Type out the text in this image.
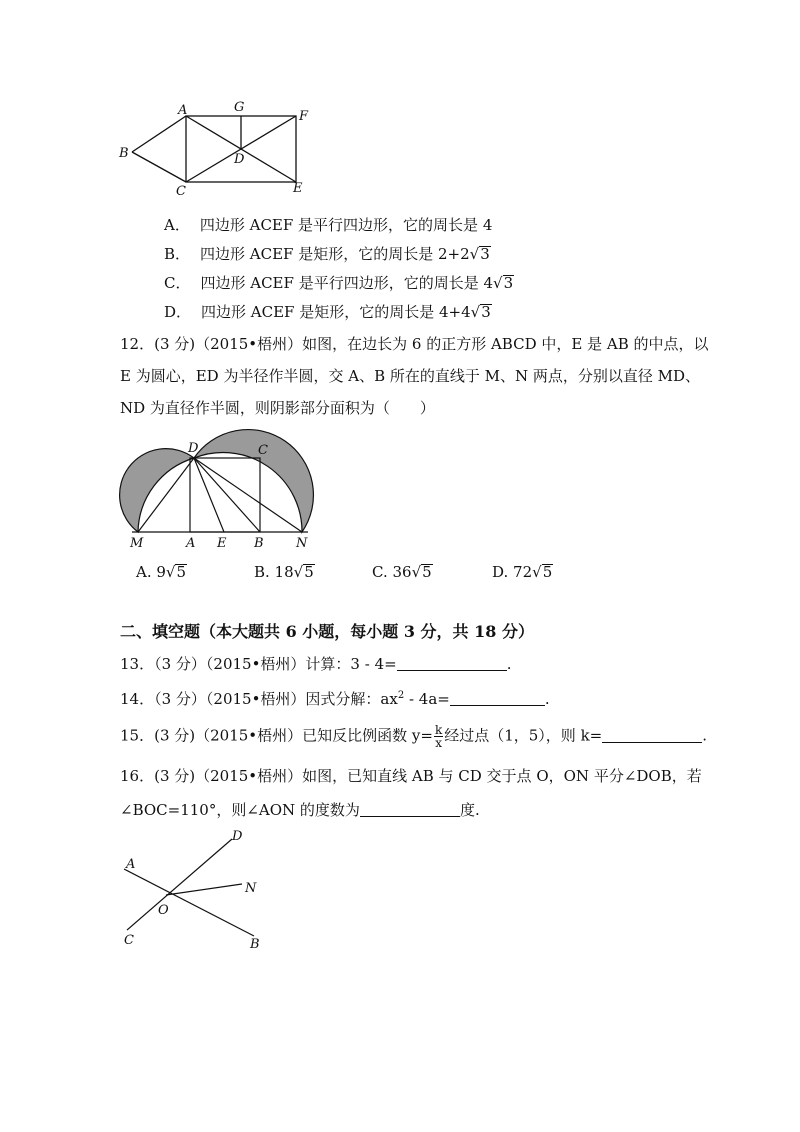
A	G
F
B	D
C	E
A． 四边形 ACEF 是平行四边形，它的周长是 4
B． 四边形 ACEF 是矩形，它的周长是 2+2√3
C． 四边形 ACEF 是平行四边形，它的周长是 4√3
D． 四边形 ACEF 是矩形，它的周长是 4+4√3
12．(3 分)（2015•梧州）如图，在边长为 6 的正方形 ABCD 中，E 是 AB 的中点，以
E 为圆心，ED 为半径作半圆，交 A、B 所在的直线于 M、N 两点，分别以直径 MD、
ND 为直径作半圆，则阴影部分面积为（　　）
D	C
M	A E B N
A. 9√5	B. 18√5	C. 36√5	D. 72√5
二、填空题（本大题共 6 小题，每小题 3 分，共 18 分）
13．（3 分）（2015•梧州）计算：3 - 4=	.
14．（3 分）（2015•梧州）因式分解：$ax^2 - 4a=$	.
15．(3 分)（2015•梧州）已知反比例函数 $y= \frac{k}{x}$ 经过点（1，5），则 k=	.
16．(3 分)（2015•梧州）如图，已知直线 AB 与 CD 交于点 O，ON 平分∠DOB，若
∠BOC=110°，则∠AON 的度数为	度.
D
A
N
O
C	B
